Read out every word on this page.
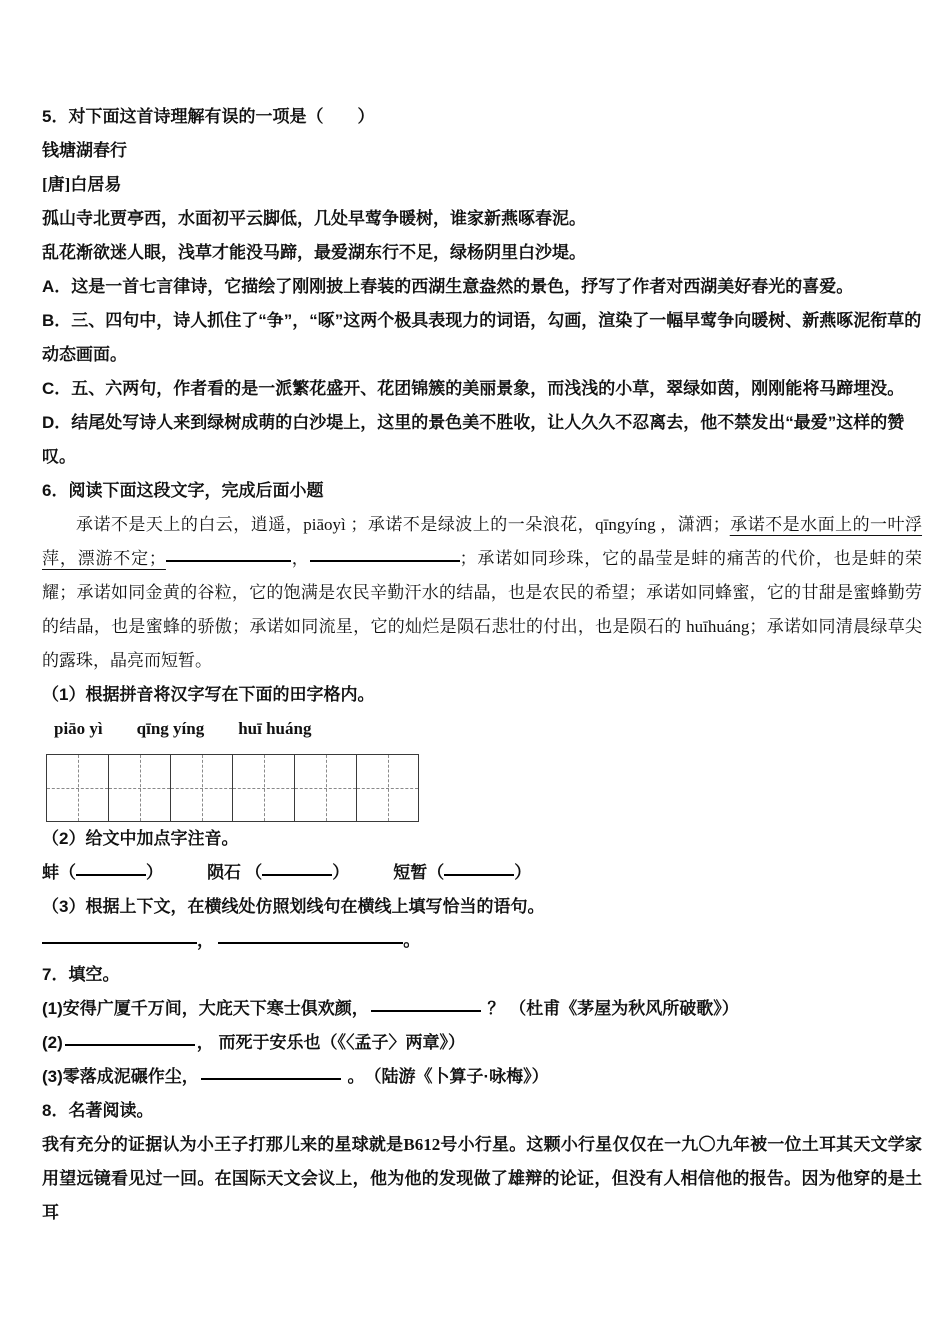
5．对下面这首诗理解有误的一项是（　　）

钱塘湖春行

[唐]白居易

孤山寺北贾亭西，水面初平云脚低，几处早莺争暖树，谁家新燕啄春泥。

乱花渐欲迷人眼，浅草才能没马蹄，最爱湖东行不足，绿杨阴里白沙堤。

A．这是一首七言律诗，它描绘了刚刚披上春装的西湖生意盎然的景色，抒写了作者对西湖美好春光的喜爱。

B．三、四句中，诗人抓住了“争”，“啄”这两个极具表现力的词语，勾画，渲染了一幅早莺争向暖树、新燕啄泥衔草的动态画面。

C．五、六两句，作者看的是一派繁花盛开、花团锦簇的美丽景象，而浅浅的小草，翠绿如茵，刚刚能将马蹄埋没。

D．结尾处写诗人来到绿树成萌的白沙堤上，这里的景色美不胜收，让人久久不忍离去，他不禁发出“最爱”这样的赞叹。

6．阅读下面这段文字，完成后面小题

承诺不是天上的白云，逍遥，piāoyì ；承诺不是绿波上的一朵浪花，qīngyíng ，潇洒；承诺不是水面上的一叶浮萍，漂游不定；	，	；承诺如同珍珠，它的晶莹是蚌的痛苦的代价，也是蚌的荣耀；承诺如同金黄的谷粒，它的饱满是农民辛勤汗水的结晶，也是农民的希望；承诺如同蜂蜜，它的甘甜是蜜蜂勤劳的结晶，也是蜜蜂的骄傲；承诺如同流星，它的灿烂是陨石悲壮的付出，也是陨石的 huīhuáng；承诺如同清晨绿草尖的露珠，晶亮而短暂。

（1）根据拼音将汉字写在下面的田字格内。

piāo yì qīng yíng huī huáng

（2）给文中加点字注音。

蚌（	）	陨石 （	）	短暂（	）

（3）根据上下文，在横线处仿照划线句在横线上填写恰当的语句。

，	。

7．填空。

(1)安得广厦千万间，大庇天下寒士俱欢颜，	？ （杜甫《茅屋为秋风所破歌》）

(2)	， 而死于安乐也（《〈孟子〉两章》）

(3)零落成泥碾作尘，	。　（陆游《卜算子·咏梅》）

8．名著阅读。

我有充分的证据认为小王子打那儿来的星球就是B612号小行星。这颗小行星仅仅在一九〇九年被一位土耳其天文学家用望远镜看见过一回。在国际天文会议上，他为他的发现做了雄辩的论证，但没有人相信他的报告。因为他穿的是土耳
